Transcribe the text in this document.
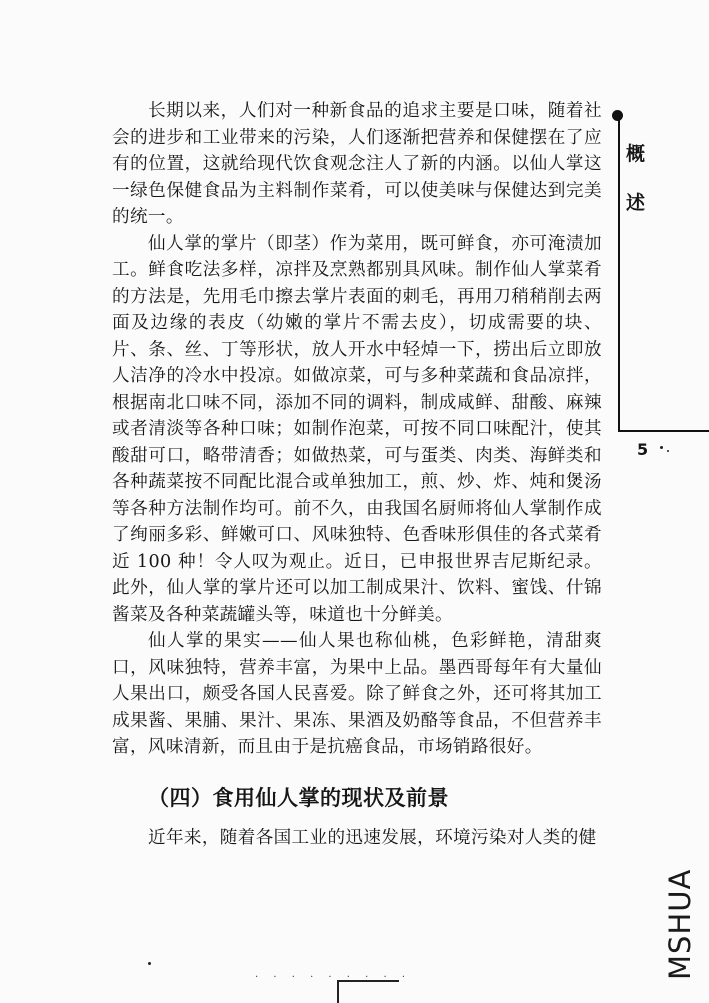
长期以来，人们对一种新食品的追求主要是口味，随着社会的进步和工业带来的污染，人们逐渐把营养和保健摆在了应有的位置，这就给现代饮食观念注人了新的内涵。以仙人掌这一绿色保健食品为主料制作菜肴，可以使美味与保健达到完美的统一。

仙人掌的掌片（即茎）作为菜用，既可鲜食，亦可淹渍加工。鲜食吃法多样，凉拌及烹熟都别具风味。制作仙人掌菜肴的方法是，先用毛巾擦去掌片表面的刺毛，再用刀稍稍削去两面及边缘的表皮（幼嫩的掌片不需去皮），切成需要的块、片、条、丝、丁等形状，放人开水中轻焯一下，捞出后立即放人洁净的冷水中投凉。如做凉菜，可与多种菜蔬和食品凉拌，根据南北口味不同，添加不同的调料，制成咸鲜、甜酸、麻辣或者清淡等各种口味；如制作泡菜，可按不同口味配汁，使其酸甜可口，略带清香；如做热菜，可与蛋类、肉类、海鲜类和各种蔬菜按不同配比混合或单独加工，煎、炒、炸、炖和煲汤等各种方法制作均可。前不久，由我国名厨师将仙人掌制作成了绚丽多彩、鲜嫩可口、风味独特、色香味形俱佳的各式菜肴近 100 种！令人叹为观止。近日，已申报世界吉尼斯纪录。此外，仙人掌的掌片还可以加工制成果汁、饮料、蜜饯、什锦酱菜及各种菜蔬罐头等，味道也十分鲜美。

仙人掌的果实——仙人果也称仙桃，色彩鲜艳，清甜爽口，风味独特，营养丰富，为果中上品。墨西哥每年有大量仙人果出口，颇受各国人民喜爱。除了鲜食之外，还可将其加工成果酱、果脯、果汁、果冻、果酒及奶酪等食品，不但营养丰富，风味清新，而且由于是抗癌食品，市场销路很好。

（四）食用仙人掌的现状及前景

近年来，随着各国工业的迅速发展，环境污染对人类的健

概
述
5
· · · · · · · · ·	MSHUA
